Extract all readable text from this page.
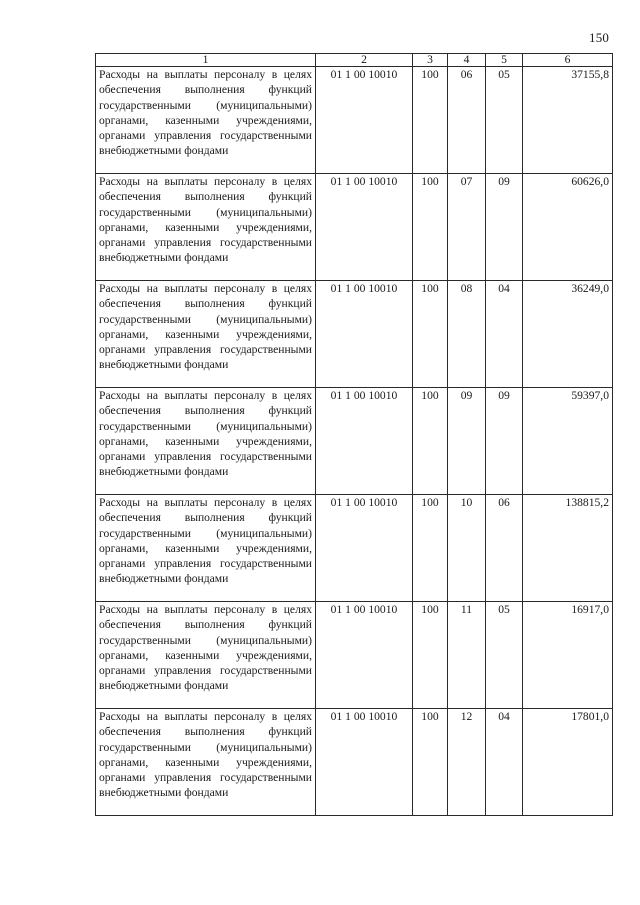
150
1	2	3	4	5	6
Расходы на выплаты персоналу в целях обеспечения выполнения функций государственными (муниципальными) органами, казенными учреждениями, органами управления государственными внебюджетными фондами	01 1 00 10010	100	06	05	37155,8
Расходы на выплаты персоналу в целях обеспечения выполнения функций государственными (муниципальными) органами, казенными учреждениями, органами управления государственными внебюджетными фондами	01 1 00 10010	100	07	09	60626,0
Расходы на выплаты персоналу в целях обеспечения выполнения функций государственными (муниципальными) органами, казенными учреждениями, органами управления государственными внебюджетными фондами	01 1 00 10010	100	08	04	36249,0
Расходы на выплаты персоналу в целях обеспечения выполнения функций государственными (муниципальными) органами, казенными учреждениями, органами управления государственными внебюджетными фондами	01 1 00 10010	100	09	09	59397,0
Расходы на выплаты персоналу в целях обеспечения выполнения функций государственными (муниципальными) органами, казенными учреждениями, органами управления государственными внебюджетными фондами	01 1 00 10010	100	10	06	138815,2
Расходы на выплаты персоналу в целях обеспечения выполнения функций государственными (муниципальными) органами, казенными учреждениями, органами управления государственными внебюджетными фондами	01 1 00 10010	100	11	05	16917,0
Расходы на выплаты персоналу в целях обеспечения выполнения функций государственными (муниципальными) органами, казенными учреждениями, органами управления государственными внебюджетными фондами	01 1 00 10010	100	12	04	17801,0
